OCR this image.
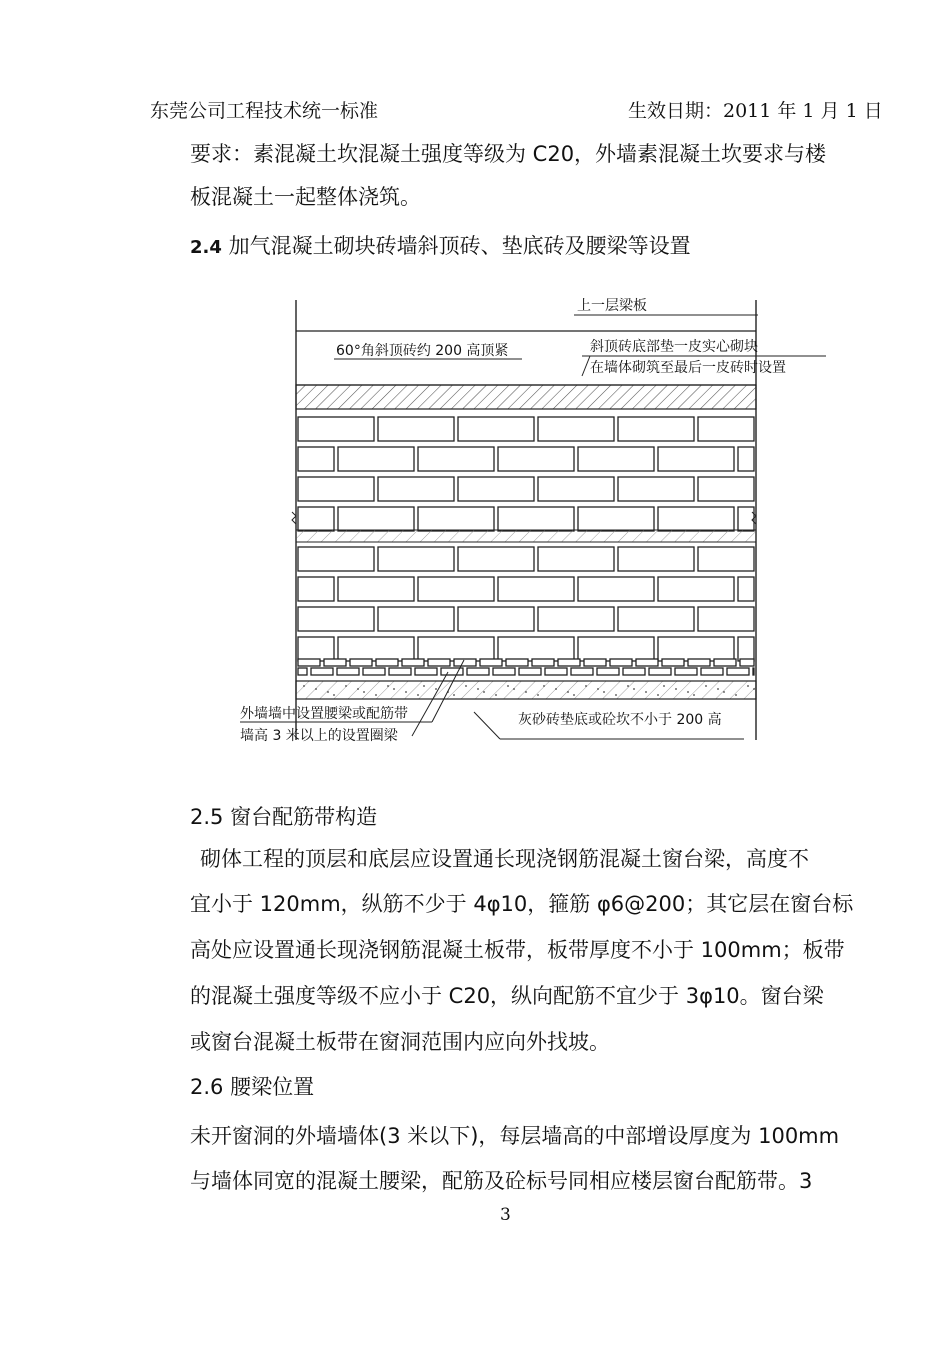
东莞公司工程技术统一标准	生效日期：2011 年 1 月 1 日
要求：素混凝土坎混凝土强度等级为 C20，外墙素混凝土坎要求与楼
板混凝土一起整体浇筑。
2.4 加气混凝土砌块砖墙斜顶砖、垫底砖及腰梁等设置
上一层梁板
60°角斜顶砖约 200 高顶紧	斜顶砖底部垫一皮实心砌块
在墙体砌筑至最后一皮砖时设置
外墙墙中设置腰梁或配筋带
墙高 3 米以上的设置圈梁
灰砂砖垫底或砼坎不小于 200 高
2.5 窗台配筋带构造
砌体工程的顶层和底层应设置通长现浇钢筋混凝土窗台梁，高度不
宜小于 120mm，纵筋不少于 4φ10，箍筋 φ6@200；其它层在窗台标
高处应设置通长现浇钢筋混凝土板带，板带厚度不小于 100mm；板带
的混凝土强度等级不应小于 C20，纵向配筋不宜少于 3φ10。窗台梁
或窗台混凝土板带在窗洞范围内应向外找坡。
2.6 腰梁位置
未开窗洞的外墙墙体(3 米以下)，每层墙高的中部增设厚度为 100mm
与墙体同宽的混凝土腰梁，配筋及砼标号同相应楼层窗台配筋带。3
3
